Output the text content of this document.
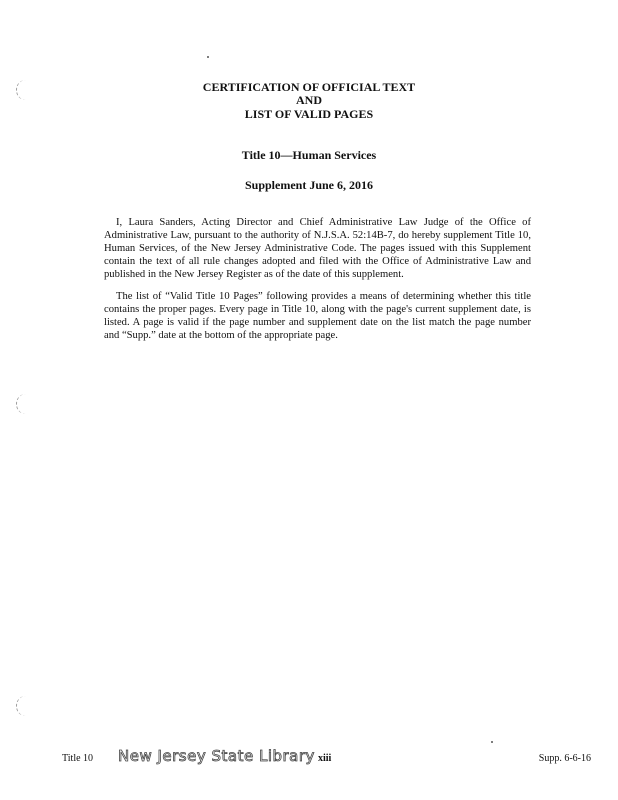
CERTIFICATION OF OFFICIAL TEXT
AND
LIST OF VALID PAGES
Title 10—Human Services
Supplement June 6, 2016

I, Laura Sanders, Acting Director and Chief Administrative Law Judge of the Office of Administrative Law, pursuant to the authority of N.J.S.A. 52:14B-7, do hereby supplement Title 10, Human Services, of the New Jersey Administrative Code. The pages issued with this Supplement contain the text of all rule changes adopted and filed with the Office of Administrative Law and published in the New Jersey Register as of the date of this supplement.

The list of “Valid Title 10 Pages” following provides a means of determining whether this title contains the proper pages. Every page in Title 10, along with the page's current supplement date, is listed. A page is valid if the page number and supplement date on the list match the page number and “Supp.” date at the bottom of the appropriate page.

Title 10 New Jersey State Library xiii	Supp. 6-6-16
